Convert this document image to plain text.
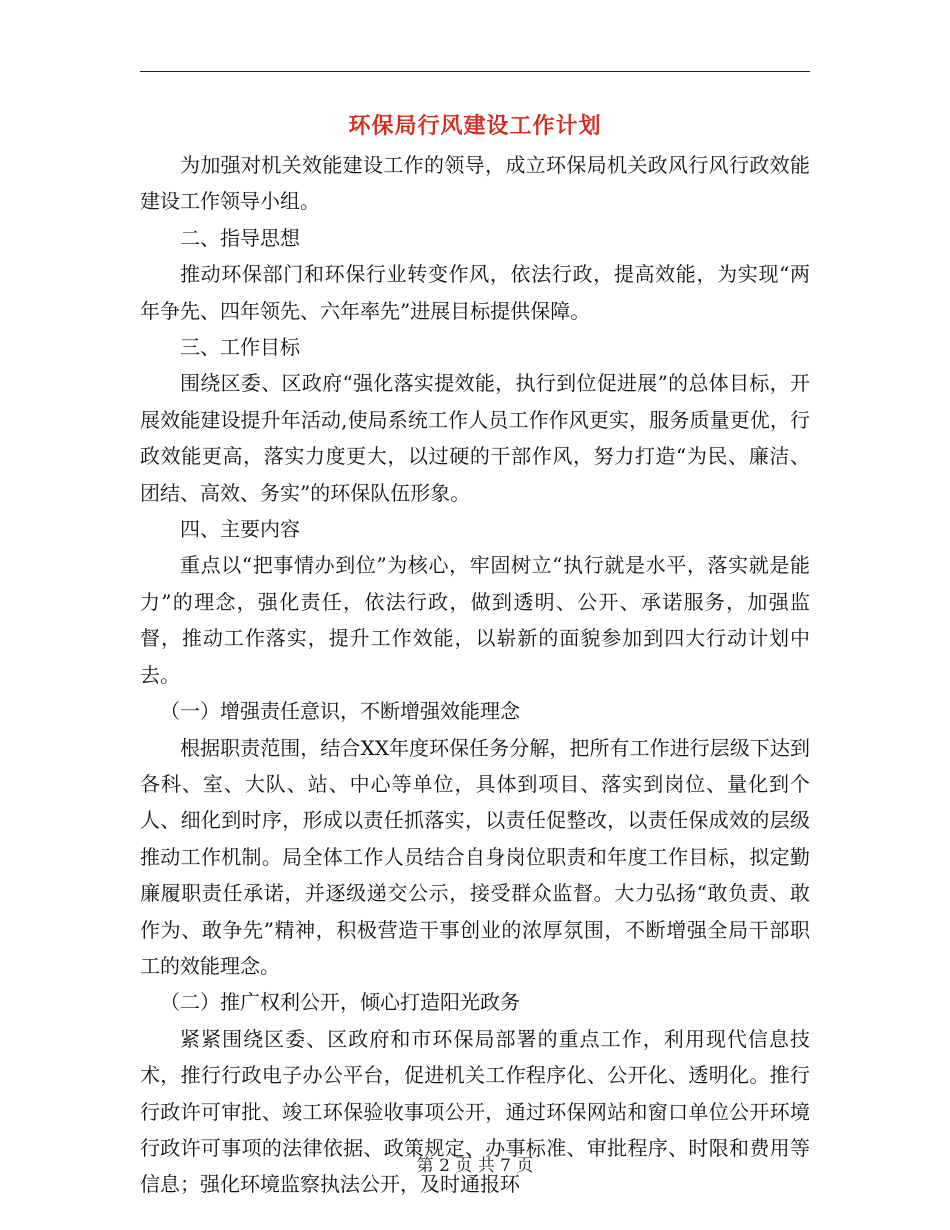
环保局行风建设工作计划

为加强对机关效能建设工作的领导，成立环保局机关政风行风行政效能建设工作领导小组。

二、指导思想

推动环保部门和环保行业转变作风，依法行政，提高效能，为实现“两年争先、四年领先、六年率先”进展目标提供保障。

三、工作目标

围绕区委、区政府“强化落实提效能，执行到位促进展”的总体目标，开展效能建设提升年活动,使局系统工作人员工作作风更实，服务质量更优，行政效能更高，落实力度更大，以过硬的干部作风，努力打造“为民、廉洁、团结、高效、务实”的环保队伍形象。

四、主要内容

重点以“把事情办到位”为核心，牢固树立“执行就是水平，落实就是能力”的理念，强化责任，依法行政，做到透明、公开、承诺服务，加强监督，推动工作落实，提升工作效能，以崭新的面貌参加到四大行动计划中去。

（一）增强责任意识，不断增强效能理念

根据职责范围，结合XX年度环保任务分解，把所有工作进行层级下达到各科、室、大队、站、中心等单位，具体到项目、落实到岗位、量化到个人、细化到时序，形成以责任抓落实，以责任促整改，以责任保成效的层级推动工作机制。局全体工作人员结合自身岗位职责和年度工作目标，拟定勤廉履职责任承诺，并逐级递交公示，接受群众监督。大力弘扬“敢负责、敢作为、敢争先”精神，积极营造干事创业的浓厚氛围，不断增强全局干部职工的效能理念。

（二）推广权利公开，倾心打造阳光政务

紧紧围绕区委、区政府和市环保局部署的重点工作，利用现代信息技术，推行行政电子办公平台，促进机关工作程序化、公开化、透明化。推行行政许可审批、竣工环保验收事项公开，通过环保网站和窗口单位公开环境行政许可事项的法律依据、政策规定、办事标准、审批程序、时限和费用等信息；强化环境监察执法公开，及时通报环

第 2 页 共 7 页
